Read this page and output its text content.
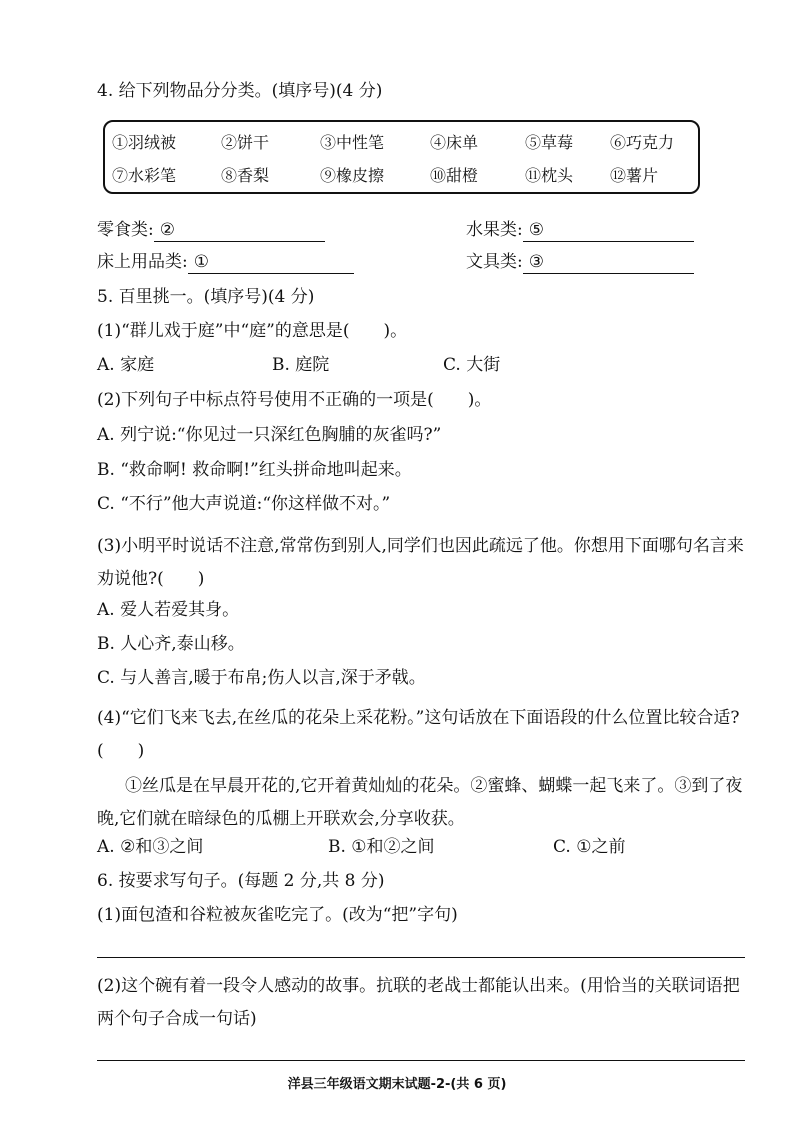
4. 给下列物品分分类。(填序号)(4 分)
①羽绒被	②饼干	③中性笔	④床单	⑤草莓 ⑥巧克力
⑦水彩笔	⑧香梨	⑨橡皮擦	⑩甜橙	⑪枕头 ⑫薯片
零食类: ②	水果类: ⑤
床上用品类: ①	文具类: ③
5. 百里挑一。(填序号)(4 分)
(1)“群儿戏于庭”中“庭”的意思是(　　)。
A. 家庭	B. 庭院	C. 大街
(2)下列句子中标点符号使用不正确的一项是(　　)。
A. 列宁说:“你见过一只深红色胸脯的灰雀吗?”
B. “救命啊! 救命啊!”红头拼命地叫起来。
C. “不行”他大声说道:“你这样做不对。”
(3)小明平时说话不注意,常常伤到别人,同学们也因此疏远了他。你想用下面哪句名言来劝说他?(　　)
A. 爱人若爱其身。
B. 人心齐,泰山移。
C. 与人善言,暖于布帛;伤人以言,深于矛戟。
(4)“它们飞来飞去,在丝瓜的花朵上采花粉。”这句话放在下面语段的什么位置比较合适?(　　)
①丝瓜是在早晨开花的,它开着黄灿灿的花朵。②蜜蜂、蝴蝶一起飞来了。③到了夜晚,它们就在暗绿色的瓜棚上开联欢会,分享收获。
A. ②和③之间	B. ①和②之间	C. ①之前
6. 按要求写句子。(每题 2 分,共 8 分)
(1)面包渣和谷粒被灰雀吃完了。(改为“把”字句)
(2)这个碗有着一段令人感动的故事。抗联的老战士都能认出来。(用恰当的关联词语把两个句子合成一句话)
洋县三年级语文期末试题-2-(共 6 页)
